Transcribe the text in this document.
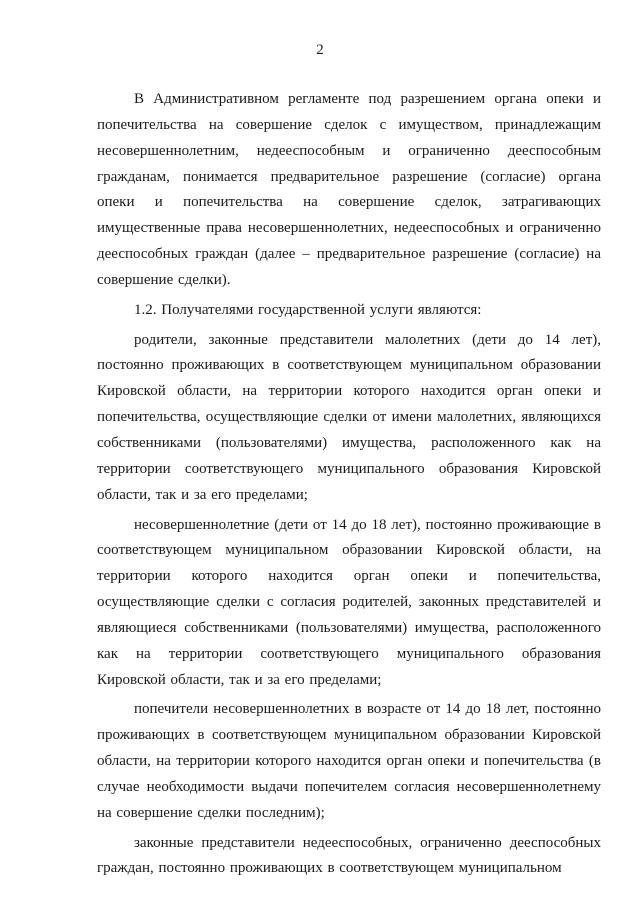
2

В Административном регламенте под разрешением органа опеки и попечительства на совершение сделок с имуществом, принадлежащим несовершеннолетним, недееспособным и ограниченно дееспособным гражданам, понимается предварительное разрешение (согласие) органа опеки и попечительства на совершение сделок, затрагивающих имущественные права несовершеннолетних, недееспособных и ограниченно дееспособных граждан (далее – предварительное разрешение (согласие) на совершение сделки).

1.2. Получателями государственной услуги являются:

родители, законные представители малолетних (дети до 14 лет), постоянно проживающих в соответствующем муниципальном образовании Кировской области, на территории которого находится орган опеки и попечительства, осуществляющие сделки от имени малолетних, являющихся собственниками (пользователями) имущества, расположенного как на территории соответствующего муниципального образования Кировской области, так и за его пределами;

несовершеннолетние (дети от 14 до 18 лет), постоянно проживающие в соответствующем муниципальном образовании Кировской области, на территории которого находится орган опеки и попечительства, осуществляющие сделки с согласия родителей, законных представителей и являющиеся собственниками (пользователями) имущества, расположенного как на территории соответствующего муниципального образования Кировской области, так и за его пределами;

попечители несовершеннолетних в возрасте от 14 до 18 лет, постоянно проживающих в соответствующем муниципальном образовании Кировской области, на территории которого находится орган опеки и попечительства (в случае необходимости выдачи попечителем согласия несовершеннолетнему на совершение сделки последним);

законные представители недееспособных, ограниченно дееспособных граждан, постоянно проживающих в соответствующем муниципальном
